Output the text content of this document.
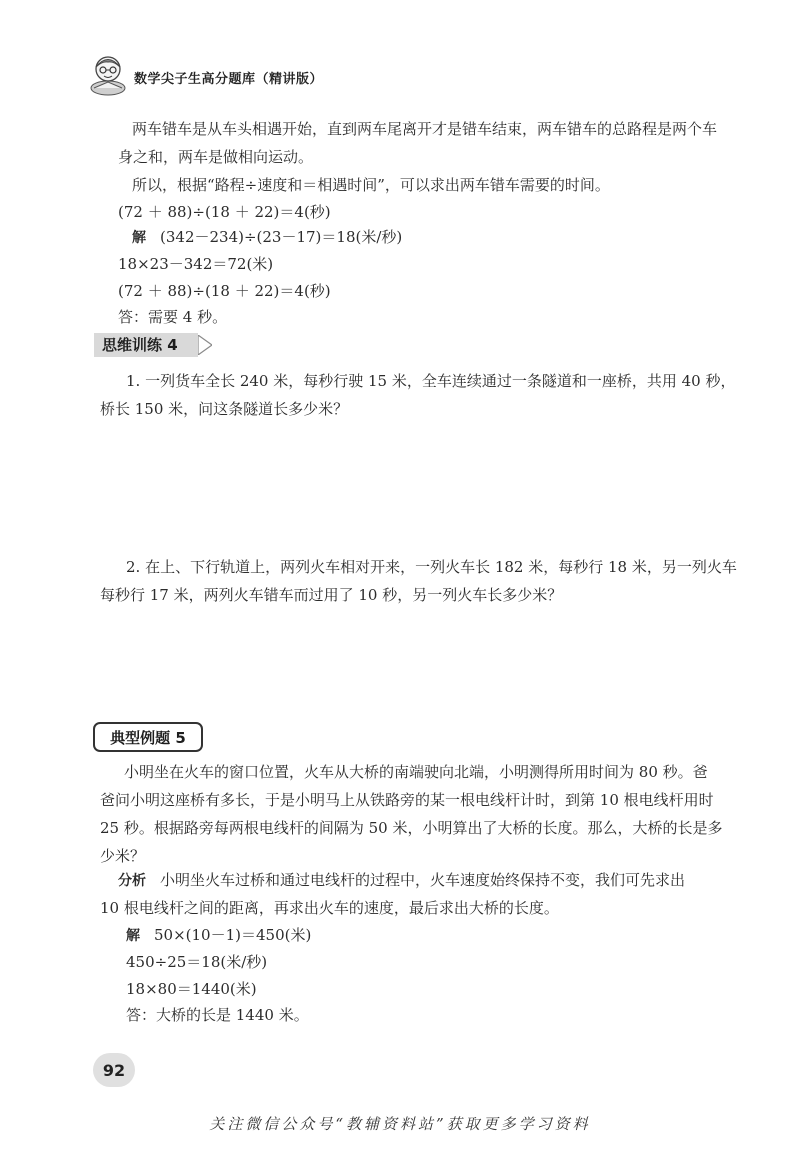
数学尖子生高分题库（精讲版）
两车错车是从车头相遇开始，直到两车尾离开才是错车结束，两车错车的总路程是两个车
身之和，两车是做相向运动。
所以，根据“路程÷速度和＝相遇时间”，可以求出两车错车需要的时间。
(72 ＋ 88)÷(18 ＋ 22)＝4(秒)
解 (342－234)÷(23－17)＝18(米/秒)
18×23－342＝72(米)
(72 ＋ 88)÷(18 ＋ 22)＝4(秒)
答：需要 4 秒。
思维训练 4
1. 一列货车全长 240 米，每秒行驶 15 米，全车连续通过一条隧道和一座桥，共用 40 秒，
桥长 150 米，问这条隧道长多少米？
2. 在上、下行轨道上，两列火车相对开来，一列火车长 182 米，每秒行 18 米，另一列火车
每秒行 17 米，两列火车错车而过用了 10 秒，另一列火车长多少米？
典型例题 5
小明坐在火车的窗口位置，火车从大桥的南端驶向北端，小明测得所用时间为 80 秒。爸
爸问小明这座桥有多长，于是小明马上从铁路旁的某一根电线杆计时，到第 10 根电线杆用时
25 秒。根据路旁每两根电线杆的间隔为 50 米，小明算出了大桥的长度。那么，大桥的长是多
少米？
分析 小明坐火车过桥和通过电线杆的过程中，火车速度始终保持不变，我们可先求出
10 根电线杆之间的距离，再求出火车的速度，最后求出大桥的长度。
解 50×(10－1)＝450(米)
450÷25＝18(米/秒)
18×80＝1440(米)
答：大桥的长是 1440 米。
92
关注微信公众号“教辅资料站”获取更多学习资料
